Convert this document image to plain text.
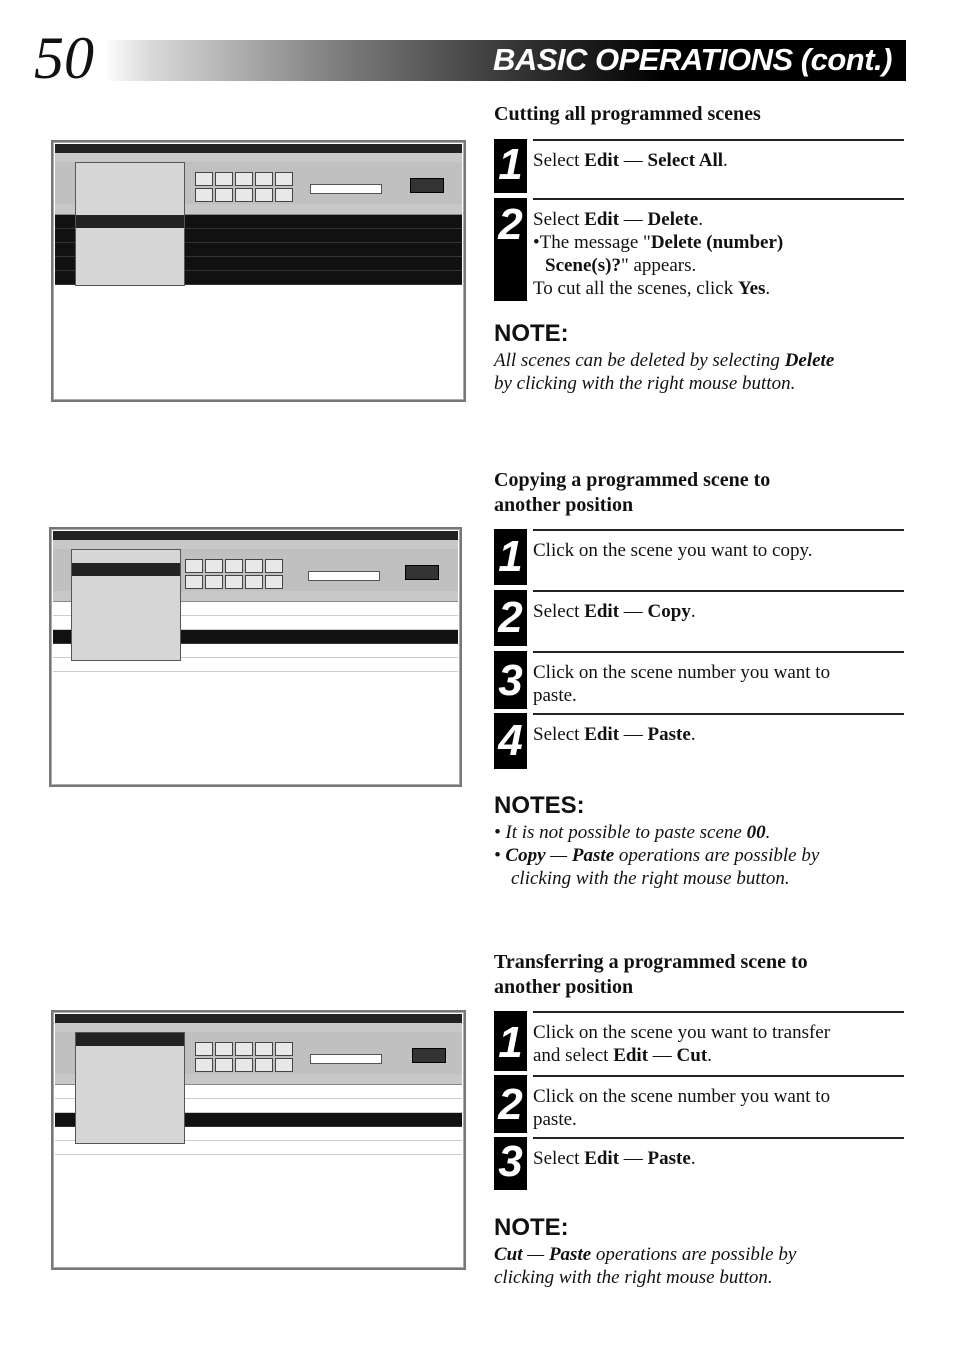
50	BASIC OPERATIONS (cont.)
Cutting all programmed scenes
1 Select Edit — Select All.
2 Select Edit — Delete.
•The message "Delete (number)
Scene(s)?" appears.
To cut all the scenes, click Yes.
NOTE:
All scenes can be deleted by selecting Delete
by clicking with the right mouse button.
Copying a programmed scene to
another position
1 Click on the scene you want to copy.
2 Select Edit — Copy.
3 Click on the scene number you want to
paste.
4 Select Edit — Paste.
NOTES:
• It is not possible to paste scene 00.
• Copy — Paste operations are possible by
clicking with the right mouse button.
Transferring a programmed scene to
another position
1 Click on the scene you want to transfer
and select Edit — Cut.
2 Click on the scene number you want to
paste.
3 Select Edit — Paste.
NOTE:
Cut — Paste operations are possible by
clicking with the right mouse button.
